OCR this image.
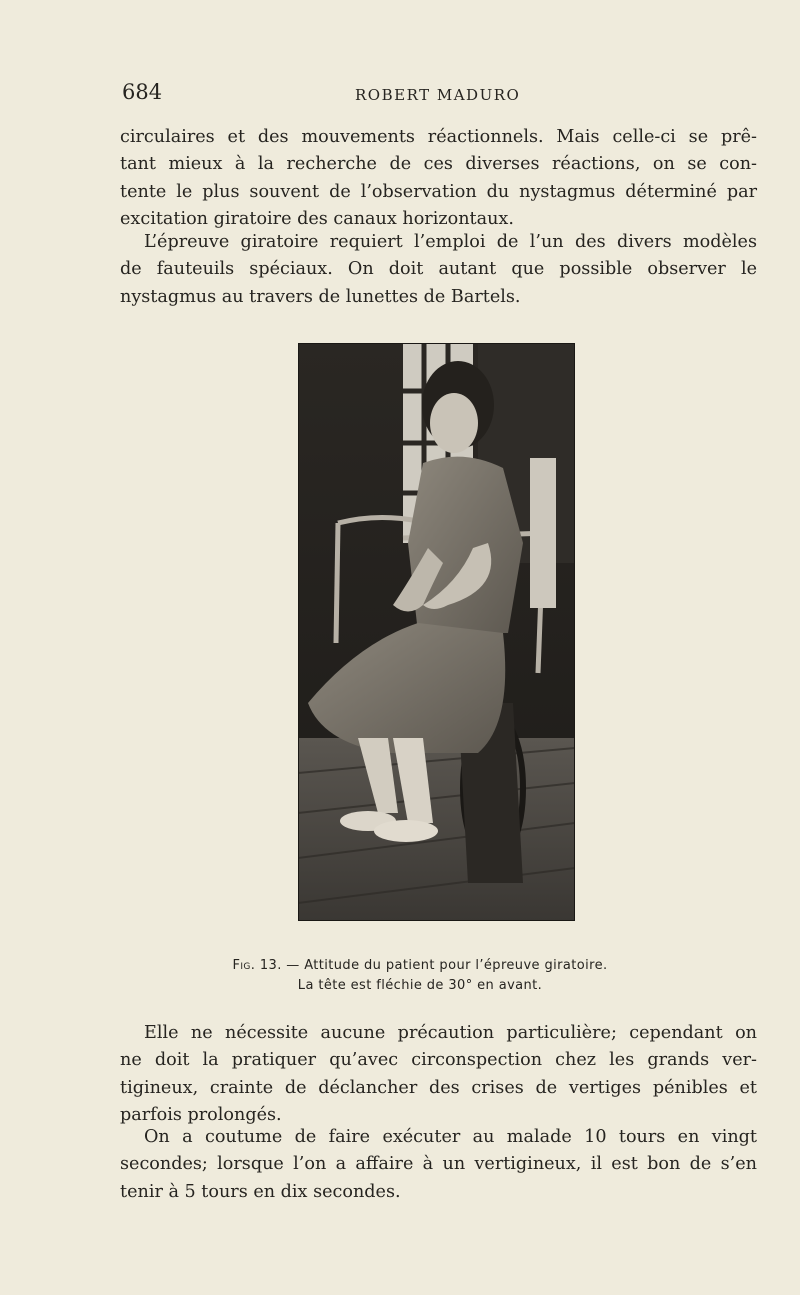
684	ROBERT MADURO

circulaires et des mouvements réactionnels. Mais celle-ci se prê-
tant mieux à la recherche de ces diverses réactions, on se con-
tente le plus souvent de l’observation du nystagmus déterminé par
excitation giratoire des canaux horizontaux.

L’épreuve giratoire requiert l’emploi de l’un des divers modèles
de fauteuils spéciaux. On doit autant que possible observer le
nystagmus au travers de lunettes de Bartels.

Fig. 13. — Attitude du patient pour l’épreuve giratoire.
La tête est fléchie de 30° en avant.

Elle ne nécessite aucune précaution particulière; cependant on
ne doit la pratiquer qu’avec circonspection chez les grands ver-
tigineux, crainte de déclancher des crises de vertiges pénibles et
parfois prolongés.

On a coutume de faire exécuter au malade 10 tours en vingt
secondes; lorsque l’on a affaire à un vertigineux, il est bon de s’en
tenir à 5 tours en dix secondes.
